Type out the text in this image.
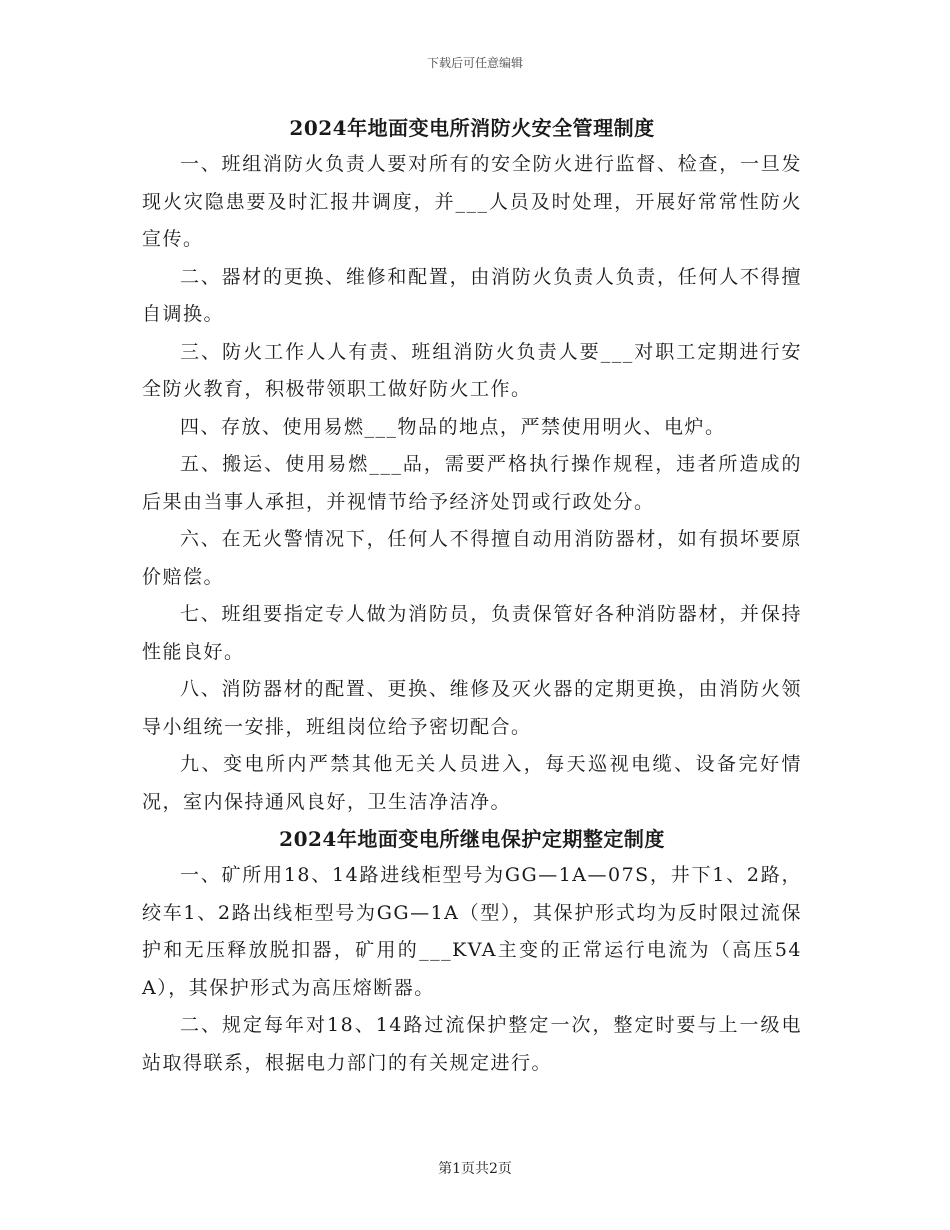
下载后可任意编辑
2024年地面变电所消防火安全管理制度

一、班组消防火负责人要对所有的安全防火进行监督、检查，一旦发现火灾隐患要及时汇报井调度，并___人员及时处理，开展好常常性防火宣传。

二、器材的更换、维修和配置，由消防火负责人负责，任何人不得擅自调换。

三、防火工作人人有责、班组消防火负责人要___对职工定期进行安全防火教育，积极带领职工做好防火工作。

四、存放、使用易燃___物品的地点，严禁使用明火、电炉。

五、搬运、使用易燃___品，需要严格执行操作规程，违者所造成的后果由当事人承担，并视情节给予经济处罚或行政处分。

六、在无火警情况下，任何人不得擅自动用消防器材，如有损坏要原价赔偿。

七、班组要指定专人做为消防员，负责保管好各种消防器材，并保持性能良好。

八、消防器材的配置、更换、维修及灭火器的定期更换，由消防火领导小组统一安排，班组岗位给予密切配合。

九、变电所内严禁其他无关人员进入，每天巡视电缆、设备完好情况，室内保持通风良好，卫生洁净洁净。

2024年地面变电所继电保护定期整定制度

一、矿所用18、14路进线柜型号为GG—1A—07S，井下1、2路，绞车1、2路出线柜型号为GG—1A（型），其保护形式均为反时限过流保护和无压释放脱扣器，矿用的___KVA主变的正常运行电流为（高压54A），其保护形式为高压熔断器。

二、规定每年对18、14路过流保护整定一次，整定时要与上一级电站取得联系，根据电力部门的有关规定进行。

第1页共2页
